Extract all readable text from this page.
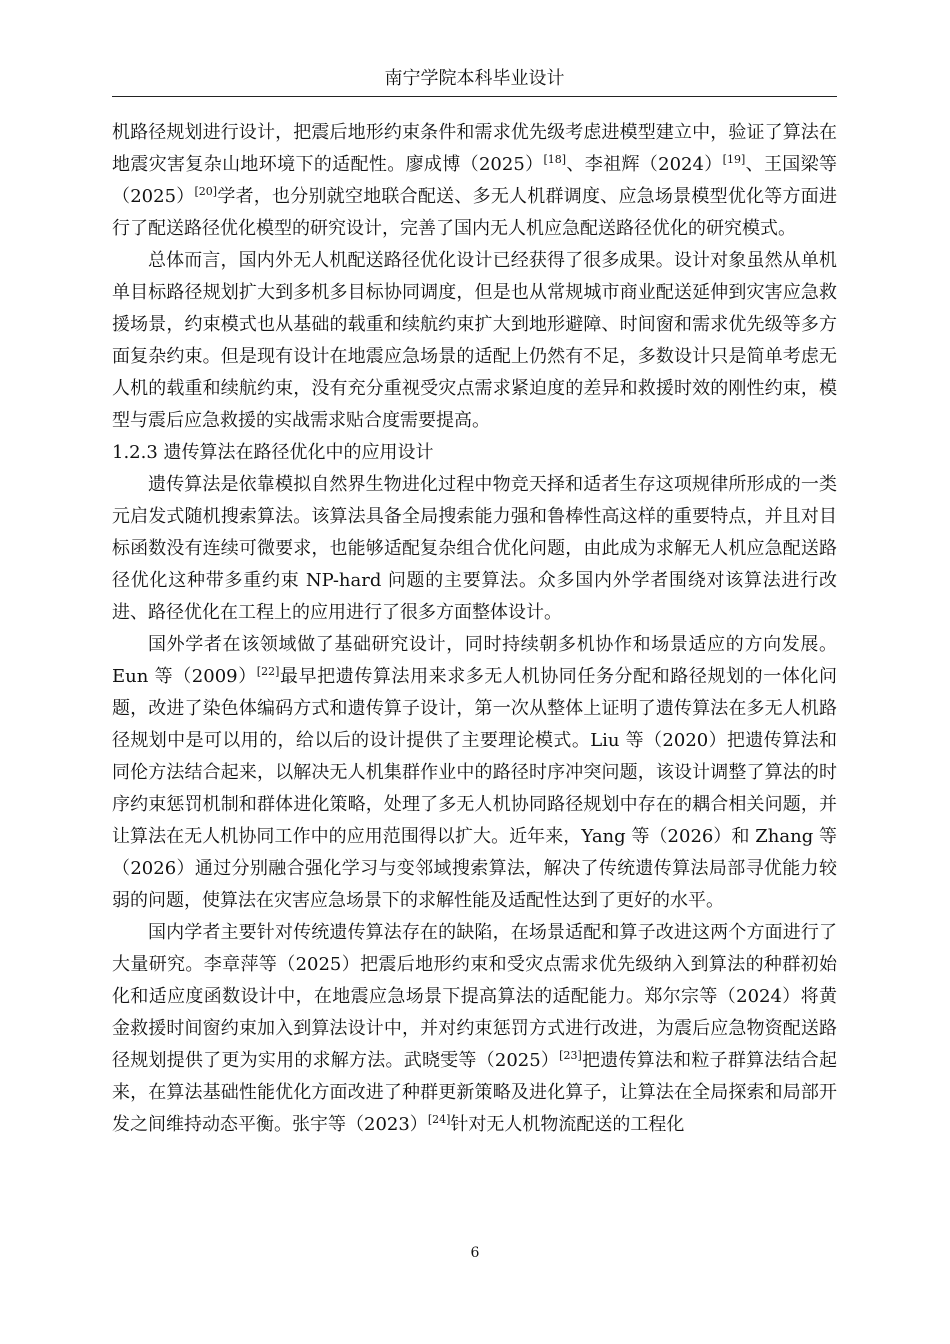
南宁学院本科毕业设计

机路径规划进行设计，把震后地形约束条件和需求优先级考虑进模型建立中，验证了算法在地震灾害复杂山地环境下的适配性。廖成博（2025）[18]、李祖辉（2024）[19]、王国梁等（2025）[20]学者，也分别就空地联合配送、多无人机群调度、应急场景模型优化等方面进行了配送路径优化模型的研究设计，完善了国内无人机应急配送路径优化的研究模式。

总体而言，国内外无人机配送路径优化设计已经获得了很多成果。设计对象虽然从单机单目标路径规划扩大到多机多目标协同调度，但是也从常规城市商业配送延伸到灾害应急救援场景，约束模式也从基础的载重和续航约束扩大到地形避障、时间窗和需求优先级等多方面复杂约束。但是现有设计在地震应急场景的适配上仍然有不足，多数设计只是简单考虑无人机的载重和续航约束，没有充分重视受灾点需求紧迫度的差异和救援时效的刚性约束，模型与震后应急救援的实战需求贴合度需要提高。

1.2.3 遗传算法在路径优化中的应用设计

遗传算法是依靠模拟自然界生物进化过程中物竞天择和适者生存这项规律所形成的一类元启发式随机搜索算法。该算法具备全局搜索能力强和鲁棒性高这样的重要特点，并且对目标函数没有连续可微要求，也能够适配复杂组合优化问题，由此成为求解无人机应急配送路径优化这种带多重约束 NP-hard 问题的主要算法。众多国内外学者围绕对该算法进行改进、路径优化在工程上的应用进行了很多方面整体设计。

国外学者在该领域做了基础研究设计，同时持续朝多机协作和场景适应的方向发展。Eun 等（2009）[22]最早把遗传算法用来求多无人机协同任务分配和路径规划的一体化问题，改进了染色体编码方式和遗传算子设计，第一次从整体上证明了遗传算法在多无人机路径规划中是可以用的，给以后的设计提供了主要理论模式。Liu 等（2020）把遗传算法和同伦方法结合起来，以解决无人机集群作业中的路径时序冲突问题，该设计调整了算法的时序约束惩罚机制和群体进化策略，处理了多无人机协同路径规划中存在的耦合相关问题，并让算法在无人机协同工作中的应用范围得以扩大。近年来，Yang 等（2026）和 Zhang 等（2026）通过分别融合强化学习与变邻域搜索算法，解决了传统遗传算法局部寻优能力较弱的问题，使算法在灾害应急场景下的求解性能及适配性达到了更好的水平。

国内学者主要针对传统遗传算法存在的缺陷，在场景适配和算子改进这两个方面进行了大量研究。李章萍等（2025）把震后地形约束和受灾点需求优先级纳入到算法的种群初始化和适应度函数设计中，在地震应急场景下提高算法的适配能力。郑尔宗等（2024）将黄金救援时间窗约束加入到算法设计中，并对约束惩罚方式进行改进，为震后应急物资配送路径规划提供了更为实用的求解方法。武晓雯等（2025）[23]把遗传算法和粒子群算法结合起来，在算法基础性能优化方面改进了种群更新策略及进化算子，让算法在全局探索和局部开发之间维持动态平衡。张宇等（2023）[24]针对无人机物流配送的工程化

6
